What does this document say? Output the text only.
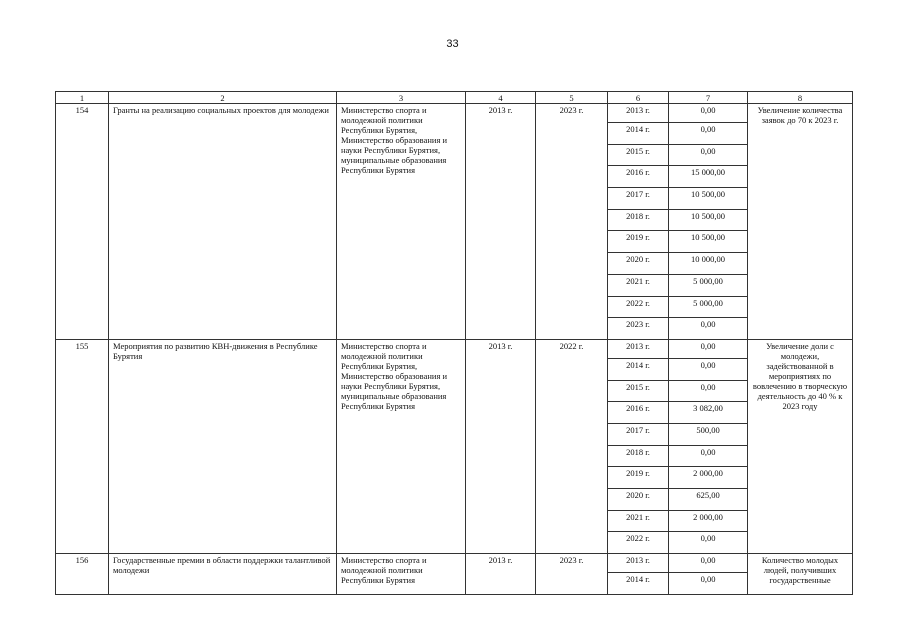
33
1	2	3	4	5	6	7	8
154	Гранты на реализацию социальных проектов для молодежи	Министерство спорта и молодежной политики Республики Бурятия, Министерство образования и науки Республики Бурятия, муниципальные образования Республики Бурятия	2013 г.	2023 г.	2013 г.	0,00	Увеличение количества заявок до 70 к 2023 г.
					2014 г.	0,00	
					2015 г.	0,00	
					2016 г.	15 000,00	
					2017 г.	10 500,00	
					2018 г.	10 500,00	
					2019 г.	10 500,00	
					2020 г.	10 000,00	
					2021 г.	5 000,00	
					2022 г.	5 000,00	
					2023 г.	0,00	
155	Мероприятия по развитию КВН-движения в Республике Бурятия	Министерство спорта и молодежной политики Республики Бурятия, Министерство образования и науки Республики Бурятия, муниципальные образования Республики Бурятия	2013 г.	2022 г.	2013 г.	0,00	Увеличение доли с молодежи, задействованной в мероприятиях по вовлечению в творческую деятельность до 40 % к 2023 году
					2014 г.	0,00	
					2015 г.	0,00	
					2016 г.	3 082,00	
					2017 г.	500,00	
					2018 г.	0,00	
					2019 г.	2 000,00	
					2020 г.	625,00	
					2021 г.	2 000,00	
					2022 г.	0,00	
156	Государственные премии в области поддержки талантливой молодежи	Министерство спорта и молодежной политики Республики Бурятия	2013 г.	2023 г.	2013 г.	0,00	Количество молодых людей, получивших государственные
					2014 г.	0,00	
